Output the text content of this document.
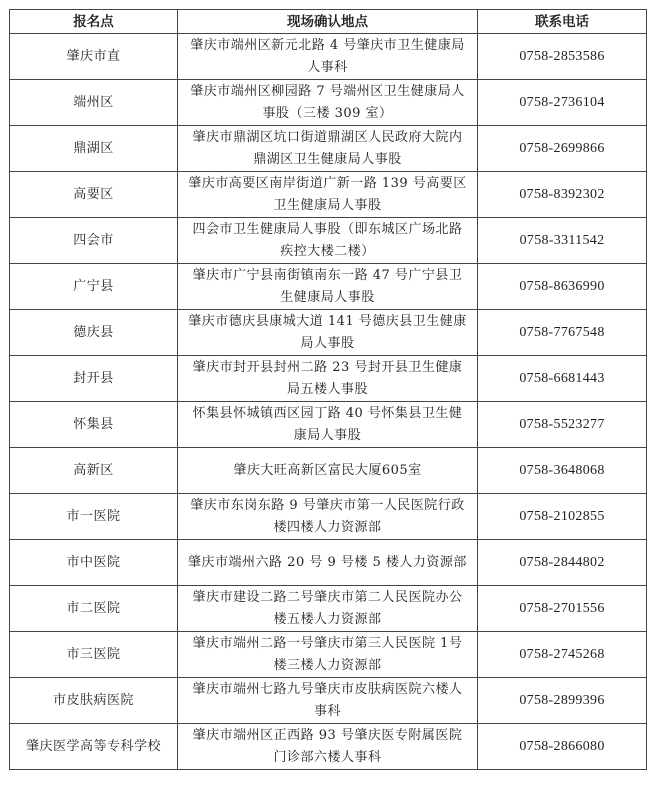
报名点	现场确认地点	联系电话
肇庆市直	肇庆市端州区新元北路 4 号肇庆市卫生健康局人事科	0758-2853586
端州区	肇庆市端州区柳园路 7 号端州区卫生健康局人事股（三楼 309 室）	0758-2736104
鼎湖区	肇庆市鼎湖区坑口街道鼎湖区人民政府大院内鼎湖区卫生健康局人事股	0758-2699866
高要区	肇庆市高要区南岸街道广新一路 139 号高要区卫生健康局人事股	0758-8392302
四会市	四会市卫生健康局人事股（即东城区广场北路疾控大楼二楼）	0758-3311542
广宁县	肇庆市广宁县南街镇南东一路 47 号广宁县卫生健康局人事股	0758-8636990
德庆县	肇庆市德庆县康城大道 141 号德庆县卫生健康局人事股	0758-7767548
封开县	肇庆市封开县封州二路 23 号封开县卫生健康局五楼人事股	0758-6681443
怀集县	怀集县怀城镇西区园丁路 40 号怀集县卫生健康局人事股	0758-5523277
高新区	肇庆大旺高新区富民大厦605室	0758-3648068
市一医院	肇庆市东岗东路 9 号肇庆市第一人民医院行政楼四楼人力资源部	0758-2102855
市中医院	肇庆市端州六路 20 号 9 号楼 5 楼人力资源部	0758-2844802
市二医院	肇庆市建设二路二号肇庆市第二人民医院办公楼五楼人力资源部	0758-2701556
市三医院	肇庆市端州二路一号肇庆市第三人民医院 1号楼三楼人力资源部	0758-2745268
市皮肤病医院	肇庆市端州七路九号肇庆市皮肤病医院六楼人事科	0758-2899396
肇庆医学高等专科学校	肇庆市端州区正西路 93 号肇庆医专附属医院门诊部六楼人事科	0758-2866080
